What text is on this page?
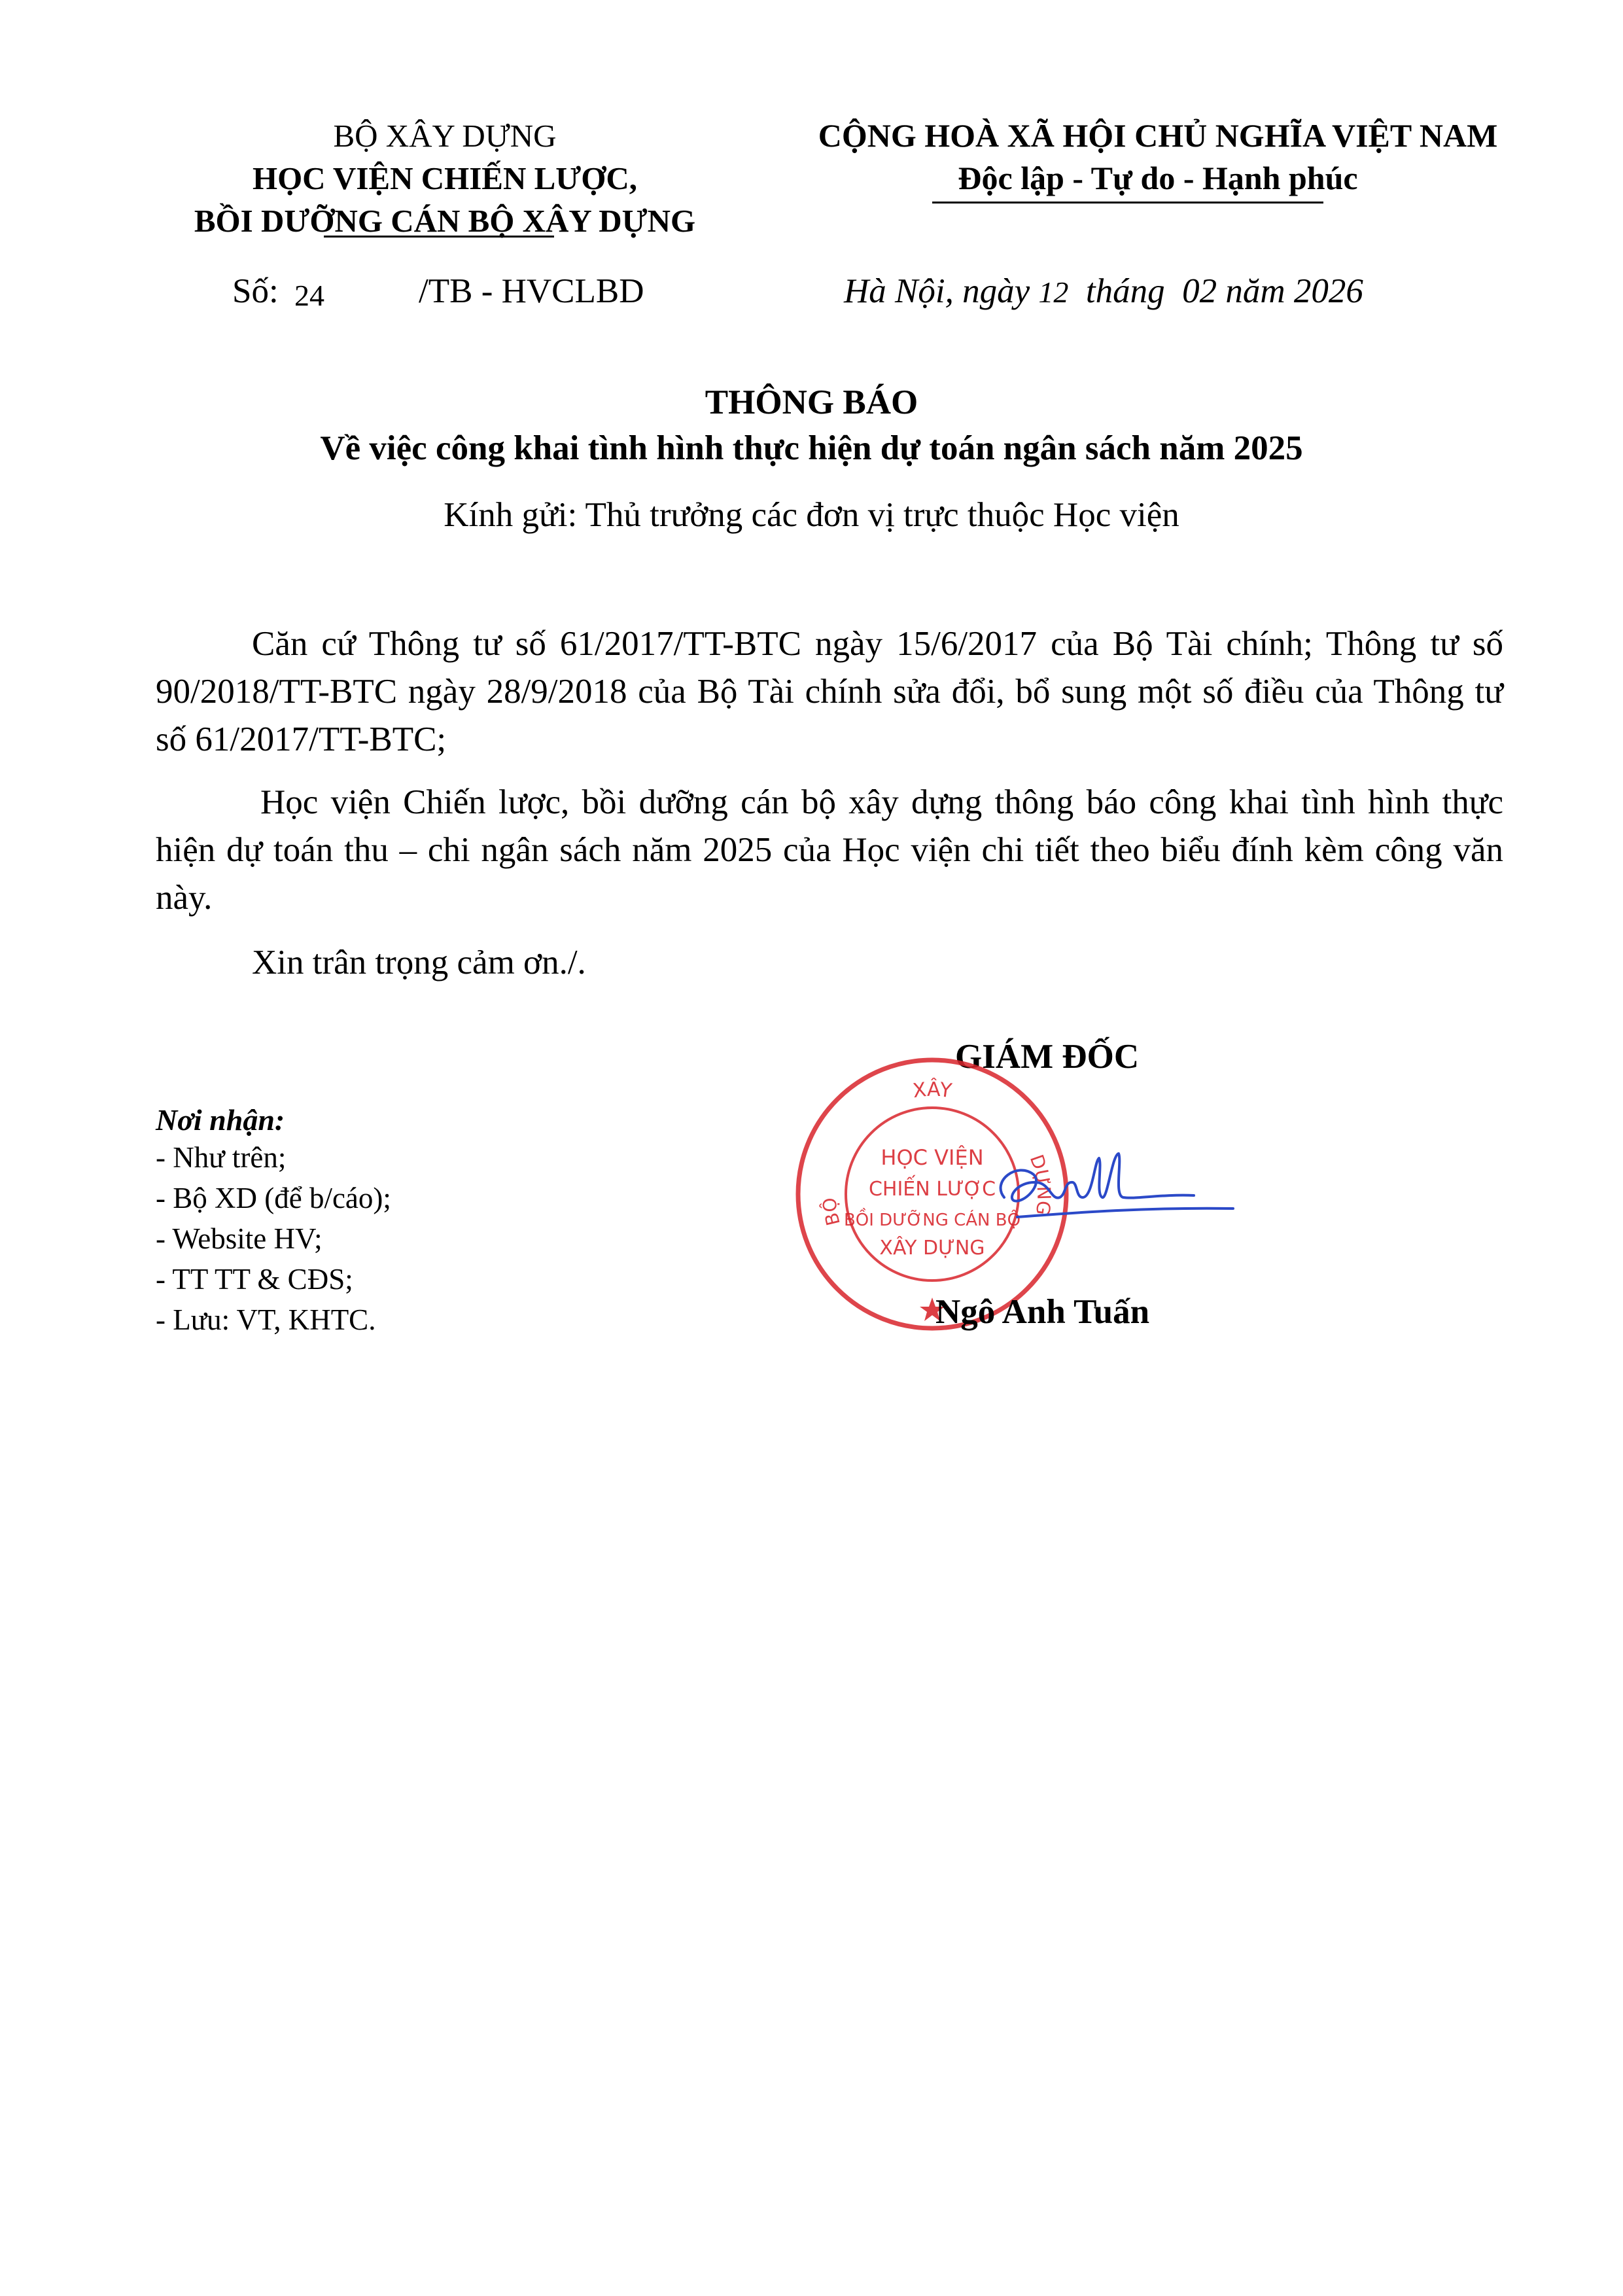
BỘ XÂY DỰNG
HỌC VIỆN CHIẾN LƯỢC,
BỒI DƯỠNG CÁN BỘ XÂY DỰNG
CỘNG HOÀ XÃ HỘI CHỦ NGHĨA VIỆT NAM
Độc lập - Tự do - Hạnh phúc
Số: 24	/TB - HVCLBD	Hà Nội, ngày 12 tháng 02 năm 2026
THÔNG BÁO
Về việc công khai tình hình thực hiện dự toán ngân sách năm 2025
Kính gửi: Thủ trưởng các đơn vị trực thuộc Học viện
Căn cứ Thông tư số 61/2017/TT-BTC ngày 15/6/2017 của Bộ Tài chính; Thông tư số 90/2018/TT-BTC ngày 28/9/2018 của Bộ Tài chính sửa đổi, bổ sung một số điều của Thông tư số 61/2017/TT-BTC;
Học viện Chiến lược, bồi dưỡng cán bộ xây dựng thông báo công khai tình hình thực hiện dự toán thu – chi ngân sách năm 2025 của Học viện chi tiết theo biểu đính kèm công văn này.
Xin trân trọng cảm ơn./.
Nơi nhận:
- Như trên;
- Bộ XD (để b/cáo);
- Website HV;
- TT TT & CĐS;
- Lưu: VT, KHTC.
GIÁM ĐỐC
XÂY
BỘ
DỰNG
HỌC VIỆN
CHIẾN LƯỢC
BỒI DƯỠNG CÁN BỘ
XÂY DỰNG
Ngô Anh Tuấn
